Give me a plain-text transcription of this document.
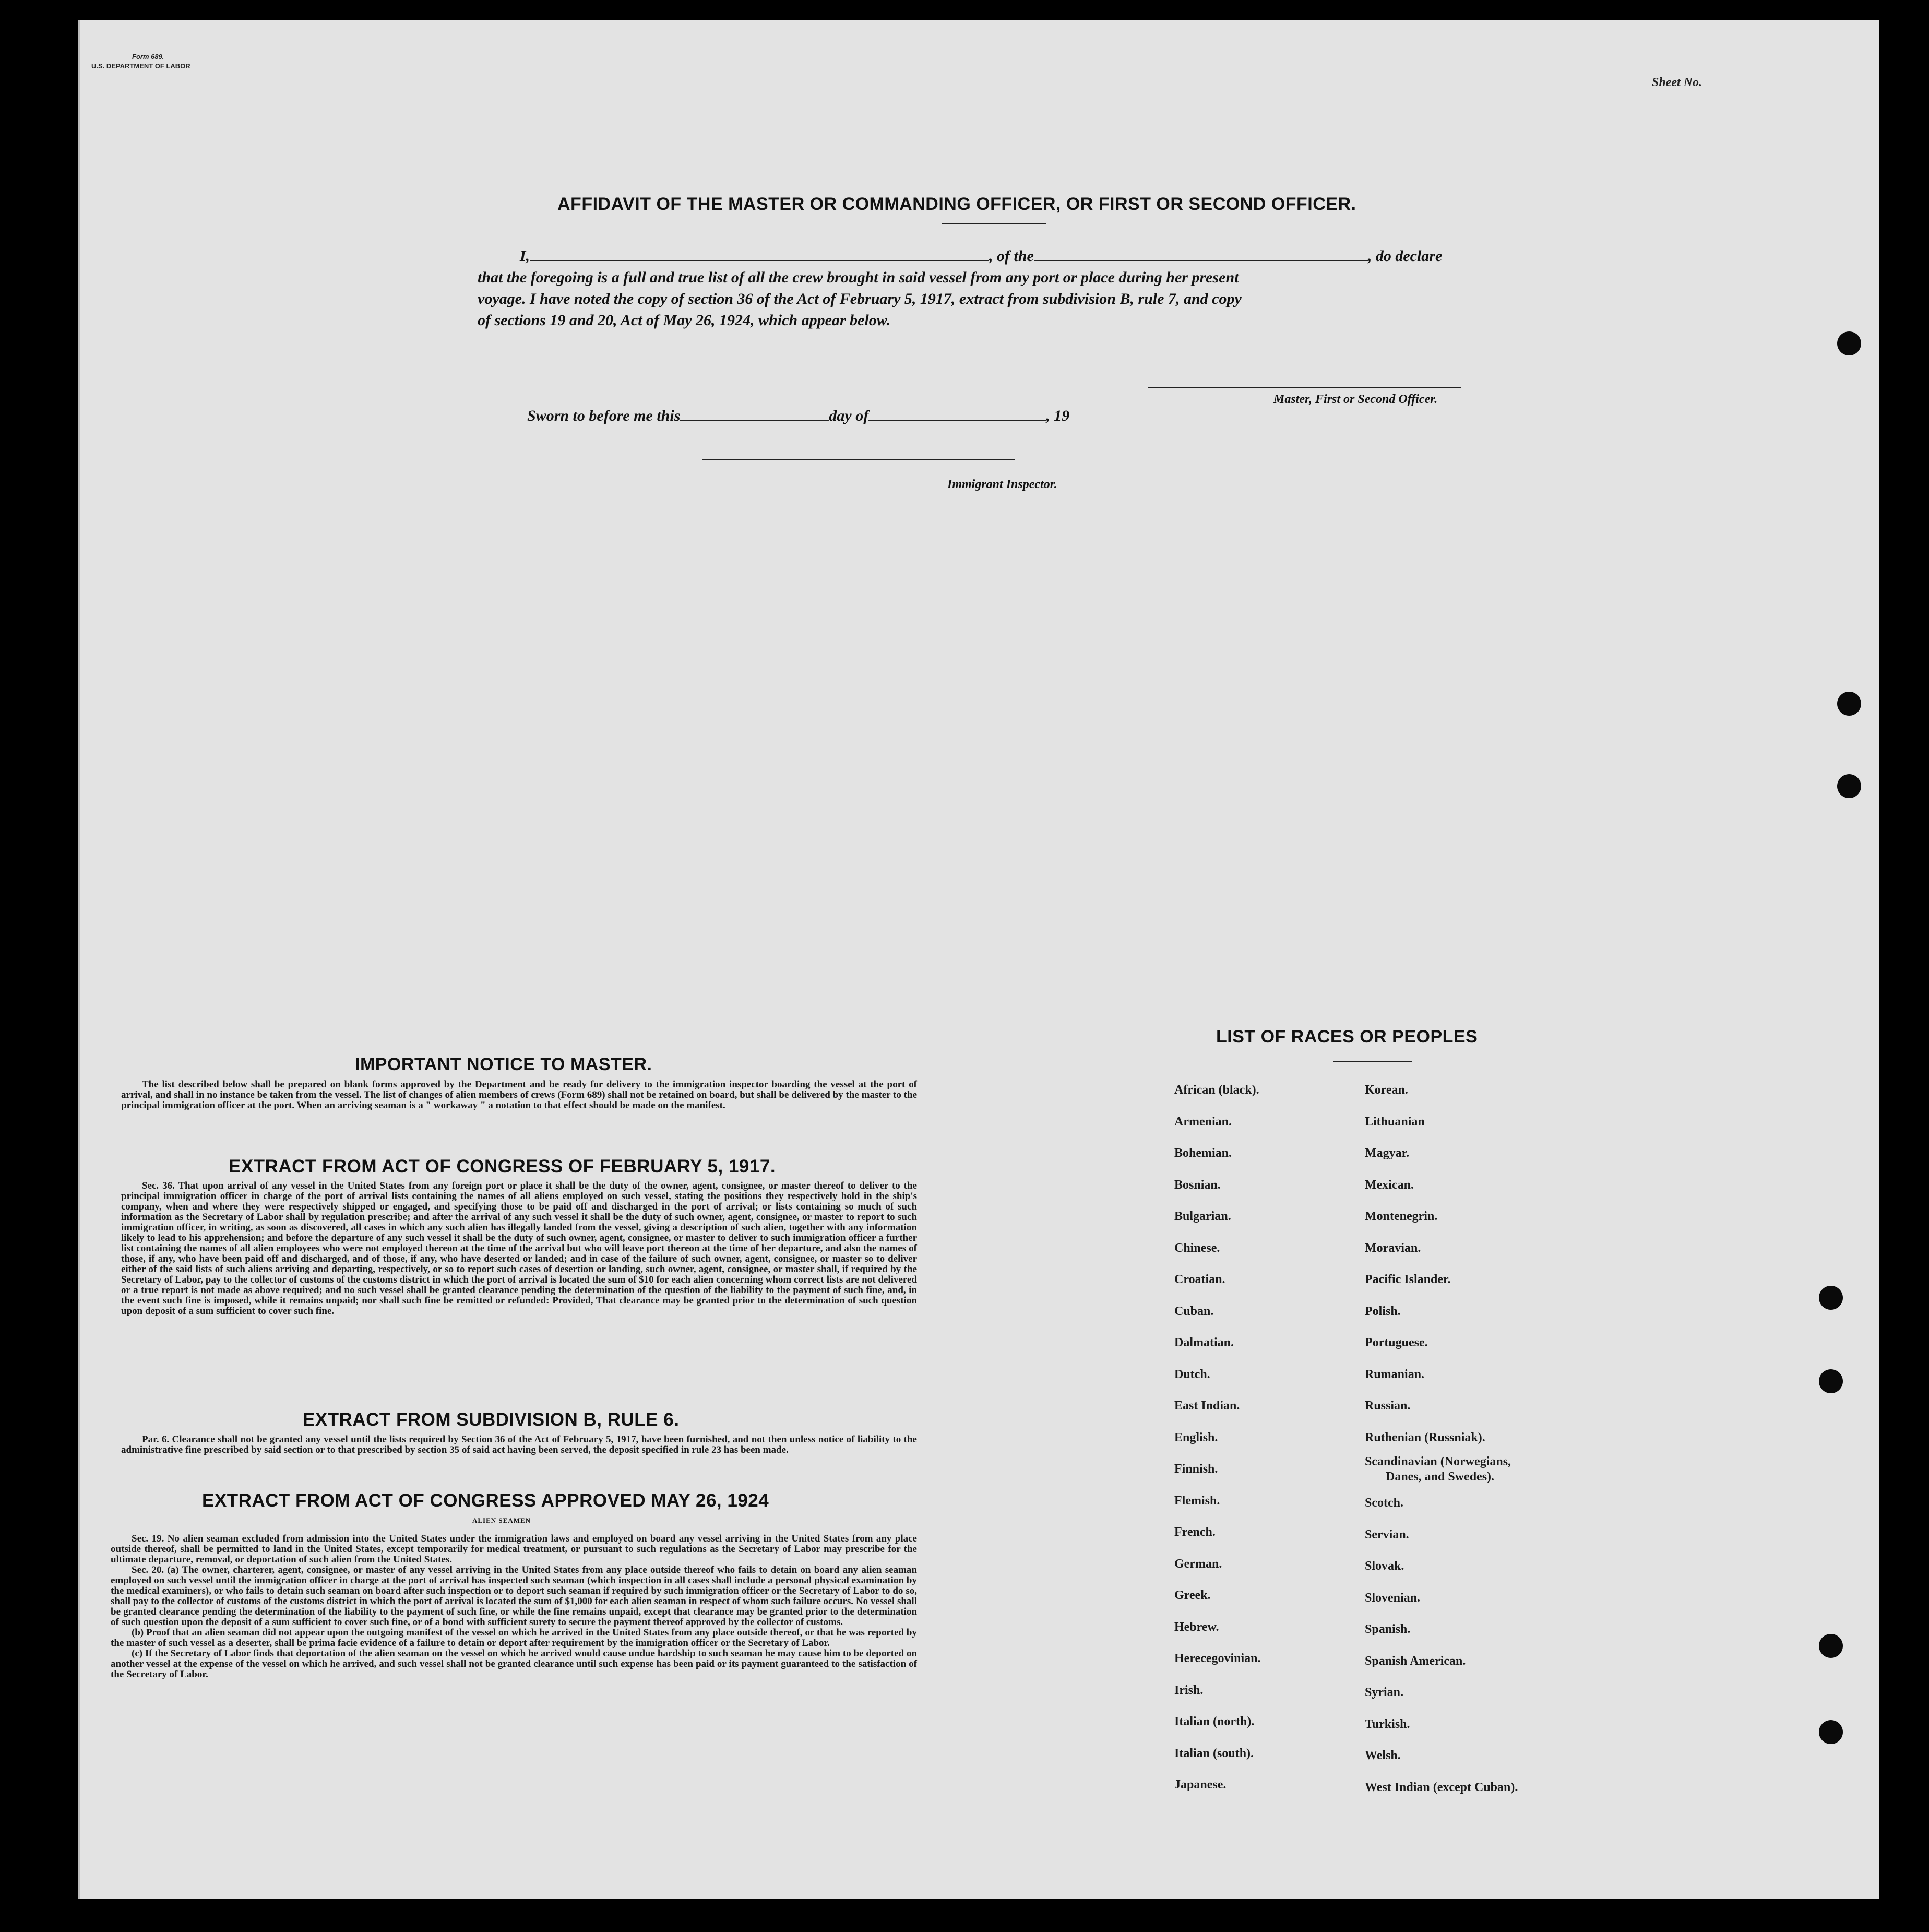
Form 689.
U.S. DEPARTMENT OF LABOR
Sheet No.
AFFIDAVIT OF THE MASTER OR COMMANDING OFFICER, OR FIRST OR SECOND OFFICER.
I,	, of the	, do declare
that the foregoing is a full and true list of all the crew brought in said vessel from any port or place during her present
voyage. I have noted the copy of section 36 of the Act of February 5, 1917, extract from subdivision B, rule 7, and copy
of sections 19 and 20, Act of May 26, 1924, which appear below.
Master, First or Second Officer.
Sworn to before me this	day of	, 19
Immigrant Inspector.
IMPORTANT NOTICE TO MASTER.

The list described below shall be prepared on blank forms approved by the Department and be ready for delivery to the immigration inspector boarding the vessel at the port of arrival, and shall in no instance be taken from the vessel. The list of changes of alien members of crews (Form 689) shall not be retained on board, but shall be delivered by the master to the principal immigration officer at the port. When an arriving seaman is a " workaway " a notation to that effect should be made on the manifest.

EXTRACT FROM ACT OF CONGRESS OF FEBRUARY 5, 1917.

Sec. 36. That upon arrival of any vessel in the United States from any foreign port or place it shall be the duty of the owner, agent, consignee, or master thereof to deliver to the principal immigration officer in charge of the port of arrival lists containing the names of all aliens employed on such vessel, stating the positions they respectively hold in the ship's company, when and where they were respectively shipped or engaged, and specifying those to be paid off and discharged in the port of arrival; or lists containing so much of such information as the Secretary of Labor shall by regulation prescribe; and after the arrival of any such vessel it shall be the duty of such owner, agent, consignee, or master to report to such immigration officer, in writing, as soon as discovered, all cases in which any such alien has illegally landed from the vessel, giving a description of such alien, together with any information likely to lead to his apprehension; and before the departure of any such vessel it shall be the duty of such owner, agent, consignee, or master to deliver to such immigration officer a further list containing the names of all alien employees who were not employed thereon at the time of the arrival but who will leave port thereon at the time of her departure, and also the names of those, if any, who have been paid off and discharged, and of those, if any, who have deserted or landed; and in case of the failure of such owner, agent, consignee, or master so to deliver either of the said lists of such aliens arriving and departing, respectively, or so to report such cases of desertion or landing, such owner, agent, consignee, or master shall, if required by the Secretary of Labor, pay to the collector of customs of the customs district in which the port of arrival is located the sum of $10 for each alien concerning whom correct lists are not delivered or a true report is not made as above required; and no such vessel shall be granted clearance pending the determination of the question of the liability to the payment of such fine, and, in the event such fine is imposed, while it remains unpaid; nor shall such fine be remitted or refunded: Provided, That clearance may be granted prior to the determination of such question upon deposit of a sum sufficient to cover such fine.

EXTRACT FROM SUBDIVISION B, RULE 6.

Par. 6. Clearance shall not be granted any vessel until the lists required by Section 36 of the Act of February 5, 1917, have been furnished, and not then unless notice of liability to the administrative fine prescribed by said section or to that prescribed by section 35 of said act having been served, the deposit specified in rule 23 has been made.

EXTRACT FROM ACT OF CONGRESS APPROVED MAY 26, 1924
ALIEN SEAMEN

Sec. 19. No alien seaman excluded from admission into the United States under the immigration laws and employed on board any vessel arriving in the United States from any place outside thereof, shall be permitted to land in the United States, except temporarily for medical treatment, or pursuant to such regulations as the Secretary of Labor may prescribe for the ultimate departure, removal, or deportation of such alien from the United States.

Sec. 20. (a) The owner, charterer, agent, consignee, or master of any vessel arriving in the United States from any place outside thereof who fails to detain on board any alien seaman employed on such vessel until the immigration officer in charge at the port of arrival has inspected such seaman (which inspection in all cases shall include a personal physical examination by the medical examiners), or who fails to detain such seaman on board after such inspection or to deport such seaman if required by such immigration officer or the Secretary of Labor to do so, shall pay to the collector of customs of the customs district in which the port of arrival is located the sum of $1,000 for each alien seaman in respect of whom such failure occurs. No vessel shall be granted clearance pending the determination of the liability to the payment of such fine, or while the fine remains unpaid, except that clearance may be granted prior to the determination of such question upon the deposit of a sum sufficient to cover such fine, or of a bond with sufficient surety to secure the payment thereof approved by the collector of customs.

(b) Proof that an alien seaman did not appear upon the outgoing manifest of the vessel on which he arrived in the United States from any place outside thereof, or that he was reported by the master of such vessel as a deserter, shall be prima facie evidence of a failure to detain or deport after requirement by the immigration officer or the Secretary of Labor.

(c) If the Secretary of Labor finds that deportation of the alien seaman on the vessel on which he arrived would cause undue hardship to such seaman he may cause him to be deported on another vessel at the expense of the vessel on which he arrived, and such vessel shall not be granted clearance until such expense has been paid or its payment guaranteed to the satisfaction of the Secretary of Labor.

LIST OF RACES OR PEOPLES
African (black).
Armenian.
Bohemian.
Bosnian.
Bulgarian.
Chinese.
Croatian.
Cuban.
Dalmatian.
Dutch.
East Indian.
English.
Finnish.
Flemish.
French.
German.
Greek.
Hebrew.
Herecegovinian.
Irish.
Italian (north).
Italian (south).
Japanese.
Korean.
Lithuanian
Magyar.
Mexican.
Montenegrin.
Moravian.
Pacific Islander.
Polish.
Portuguese.
Rumanian.
Russian.
Ruthenian (Russniak).
Scandinavian (Norwegians,
Danes, and Swedes).
Scotch.
Servian.
Slovak.
Slovenian.
Spanish.
Spanish American.
Syrian.
Turkish.
Welsh.
West Indian (except Cuban).
